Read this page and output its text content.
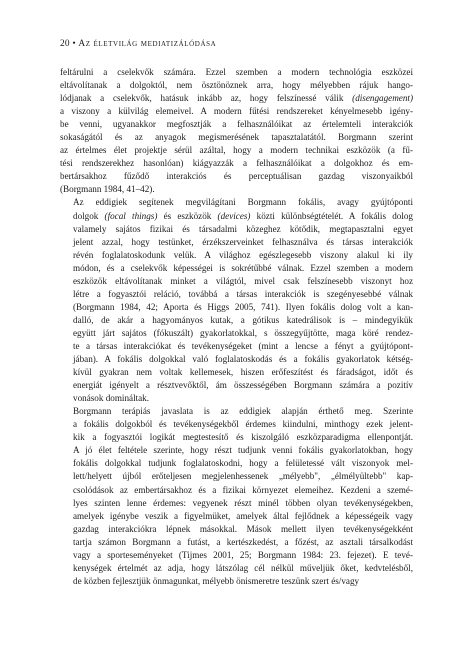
20 • Az életvilág mediatizálódása

feltárulni a cselekvők számára. Ezzel szemben a modern technológia eszközei
eltávolítanak a dolgoktól, nem ösztönöznek arra, hogy mélyebben rájuk hango-
lódjanak a cselekvők, hatásuk inkább az, hogy felszínessé válik (disengagement)
a viszony a külvilág elemeivel. A modern fűtési rendszereket kényelmesebb igény-
be venni, ugyanakkor megfosztják a felhasználóikat az értelemteli interakciók
sokaságától és az anyagok megismerésének tapasztalatától. Borgmann szerint
az értelmes élet projektje sérül azáltal, hogy a modern technikai eszközök (a fű-
tési rendszerekhez hasonlóan) kiágyazzák a felhasználóikat a dolgokhoz és em-
bertársakhoz fűződő interakciós és perceptuálisan gazdag viszonyaikból
(Borgmann 1984, 41–42).

Az eddigiek segítenek megvilágítani Borgmann fokális, avagy gyújtóponti
dolgok (focal things) és eszközök (devices) közti különbségtételét. A fokális dolog
valamely sajátos fizikai és társadalmi közeghez kötődik, megtapasztalni egyet
jelent azzal, hogy testünket, érzékszerveinket felhasználva és társas interakciók
révén foglalatoskodunk velük. A világhoz egészlegesebb viszony alakul ki ily
módon, és a cselekvők képességei is sokrétűbbé válnak. Ezzel szemben a modern
eszközök eltávolítanak minket a világtól, mivel csak felszínesebb viszonyt hoz
létre a fogyasztói reláció, továbbá a társas interakciók is szegényesebbé válnak
(Borgmann 1984, 42; Aporta és Higgs 2005, 741). Ilyen fokális dolog volt a kan-
dalló, de akár a hagyományos kutak, a gótikus katedrálisok is – mindegyikük
együtt járt sajátos (fókuszált) gyakorlatokkal, s összegyűjtötte, maga köré rendez-
te a társas interakciókat és tevékenységeket (mint a lencse a fényt a gyújtópont-
jában). A fokális dolgokkal való foglalatoskodás és a fokális gyakorlatok kétség-
kívül gyakran nem voltak kellemesek, hiszen erőfeszítést és fáradságot, időt és
energiát igényelt a résztvevőktől, ám összességében Borgmann számára a pozitív
vonások domináltak.

Borgmann terápiás javaslata is az eddigiek alapján érthető meg. Szerinte
a fokális dolgokból és tevékenységekből érdemes kiindulni, minthogy ezek jelent-
kik a fogyasztói logikát megtestesítő és kiszolgáló eszközparadigma ellenpontját.
A jó élet feltétele szerinte, hogy részt tudjunk venni fokális gyakorlatokban, hogy
fokális dolgokkal tudjunk foglalatoskodni, hogy a felületessé vált viszonyok mel-
lett/helyett újból erőteljesen megjelenhessenek „mélyebb", „élmélyültebb" kap-
csolódások az embertársakhoz és a fizikai környezet elemeihez. Kezdeni a szemé-
lyes szinten lenne érdemes: vegyenek részt minél többen olyan tevékenységekben,
amelyek igénybe veszik a figyelmüket, amelyek által fejlődnek a képességeik vagy
gazdag interakciókra lépnek másokkal. Mások mellett ilyen tevékenységekként
tartja számon Borgmann a futást, a kertészkedést, a főzést, az asztali társalkodást
vagy a sporteseményeket (Tijmes 2001, 25; Borgmann 1984: 23. fejezet). E tevé-
kenységek értelmét az adja, hogy látszólag cél nélkül műveljük őket, kedvtelésből,
de közben fejlesztjük önmagunkat, mélyebb önismeretre teszünk szert és/vagy
